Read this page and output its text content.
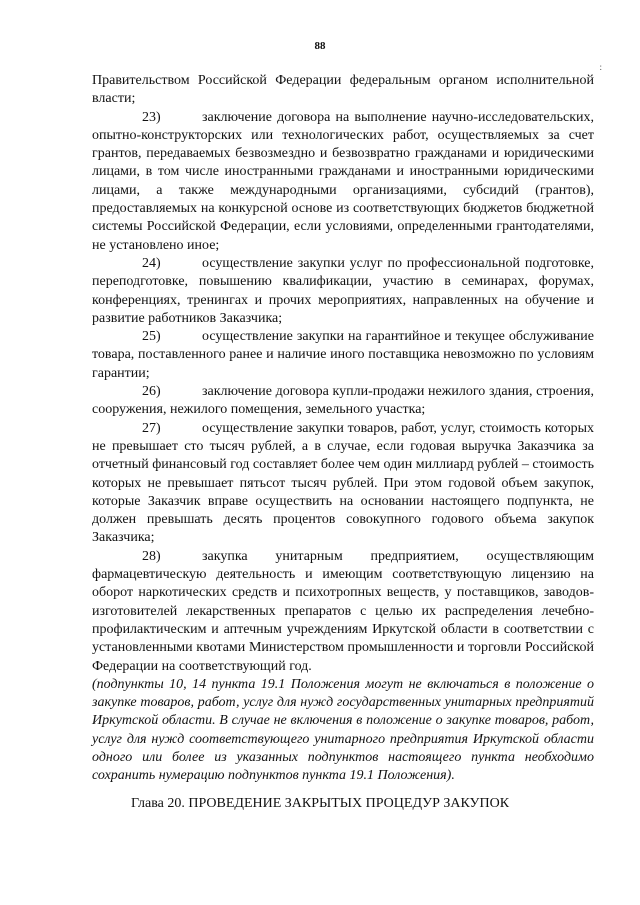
88
:

Правительством Российской Федерации федеральным органом исполнительной власти;

23)	заключение договора на выполнение научно-исследовательских, опытно-конструкторских или технологических работ, осуществляемых за счет грантов, передаваемых безвозмездно и безвозвратно гражданами и юридическими лицами, в том числе иностранными гражданами и иностранными юридическими лицами, а также международными организациями, субсидий (грантов), предоставляемых на конкурсной основе из соответствующих бюджетов бюджетной системы Российской Федерации, если условиями, определенными грантодателями, не установлено иное;

24)	осуществление закупки услуг по профессиональной подготовке, переподготовке, повышению квалификации, участию в семинарах, форумах, конференциях, тренингах и прочих мероприятиях, направленных на обучение и развитие работников Заказчика;

25)	осуществление закупки на гарантийное и текущее обслуживание товара, поставленного ранее и наличие иного поставщика невозможно по условиям гарантии;

26)	заключение договора купли-продажи нежилого здания, строения, сооружения, нежилого помещения, земельного участка;

27)	осуществление закупки товаров, работ, услуг, стоимость которых не превышает сто тысяч рублей, а в случае, если годовая выручка Заказчика за отчетный финансовый год составляет более чем один миллиард рублей – стоимость которых не превышает пятьсот тысяч рублей. При этом годовой объем закупок, которые Заказчик вправе осуществить на основании настоящего подпункта, не должен превышать десять процентов совокупного годового объема закупок Заказчика;

28)	закупка унитарным предприятием, осуществляющим фармацевтическую деятельность и имеющим соответствующую лицензию на оборот наркотических средств и психотропных веществ, у поставщиков, заводов-изготовителей лекарственных препаратов с целью их распределения лечебно-профилактическим и аптечным учреждениям Иркутской области в соответствии с установленными квотами Министерством промышленности и торговли Российской Федерации на соответствующий год.

(подпункты 10, 14 пункта 19.1 Положения могут не включаться в положение о закупке товаров, работ, услуг для нужд государственных унитарных предприятий Иркутской области. В случае не включения в положение о закупке товаров, работ, услуг для нужд соответствующего унитарного предприятия Иркутской области одного или более из указанных подпунктов настоящего пункта необходимо сохранить нумерацию подпунктов пункта 19.1 Положения).

Глава 20. ПРОВЕДЕНИЕ ЗАКРЫТЫХ ПРОЦЕДУР ЗАКУПОК
